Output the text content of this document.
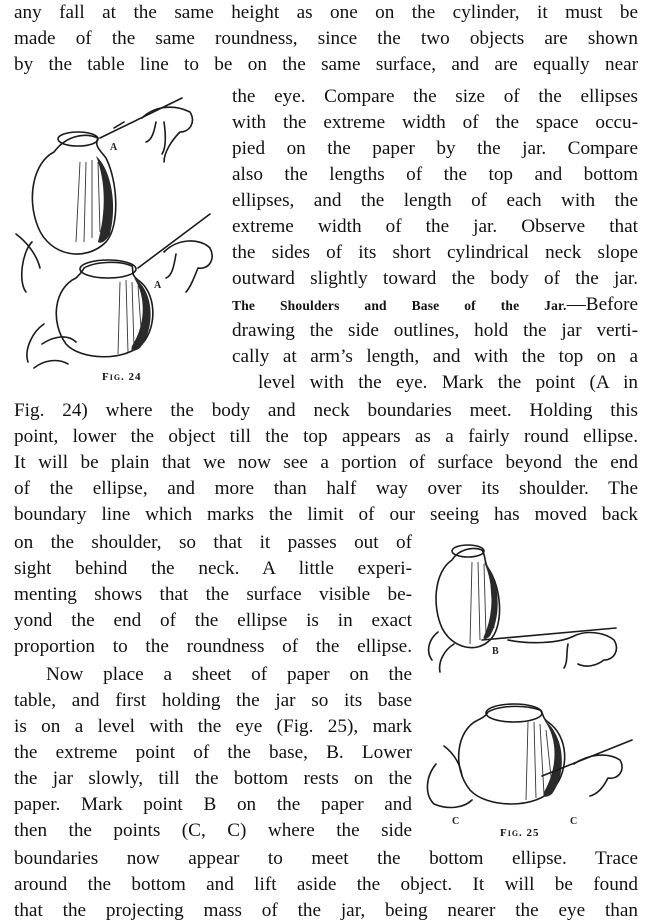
any fall at the same height as one on the cylinder, it must be
made of the same roundness, since the two objects are shown
by the table line to be on the same surface, and are equally near
the eye. Compare the size of the ellipses
with the extreme width of the space occu-
pied on the paper by the jar. Compare
also the lengths of the top and bottom
ellipses, and the length of each with the
extreme width of the jar. Observe that
the sides of its short cylindrical neck slope
outward slightly toward the body of the jar.
drawing the side outlines, hold the jar verti-
cally at arm’s length, and with the top on a
level with the eye. Mark the point (A in
Fig. 24) where the body and neck boundaries meet. Holding this
point, lower the object till the top appears as a fairly round ellipse.
It will be plain that we now see a portion of surface beyond the end
of the ellipse, and more than half way over its shoulder. The
boundary line which marks the limit of our seeing has moved back
on the shoulder, so that it passes out of
sight behind the neck. A little experi-
menting shows that the surface visible be-
yond the end of the ellipse is in exact
proportion to the roundness of the ellipse.
Now place a sheet of paper on the
table, and first holding the jar so its base
is on a level with the eye (Fig. 25), mark
the extreme point of the base, B. Lower
the jar slowly, till the bottom rests on the
paper. Mark point B on the paper and
then the points (C, C) where the side
boundaries now appear to meet the bottom ellipse. Trace
around the bottom and lift aside the object. It will be found
that the projecting mass of the jar, being nearer the eye than
The Shoulders and Base of the Jar.—Before
A
A
Fig. 24
B
C	C
Fig. 25
